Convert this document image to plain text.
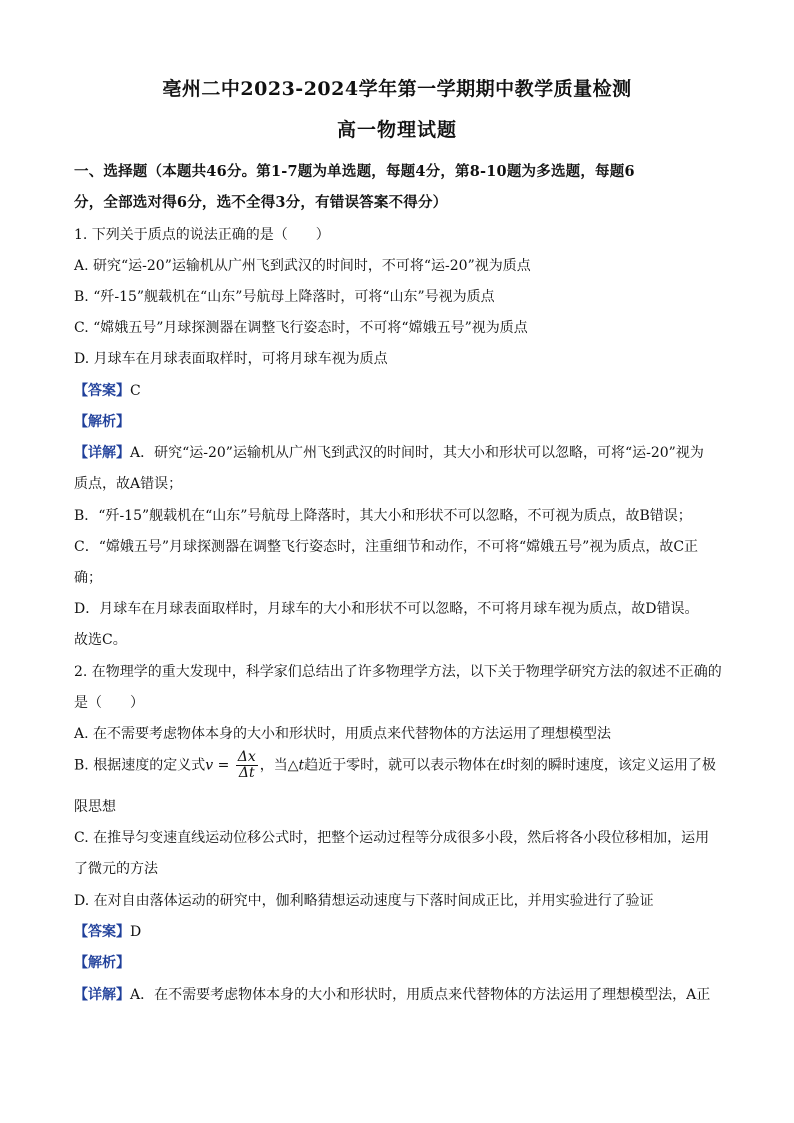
亳州二中2023-2024学年第一学期期中教学质量检测
高一物理试题
一、选择题（本题共46分。第1-7题为单选题，每题4分，第8-10题为多选题，每题6
分，全部选对得6分，选不全得3分，有错误答案不得分）
1. 下列关于质点的说法正确的是（　　）
A. 研究“运-20”运输机从广州飞到武汉的时间时，不可将“运-20”视为质点
B. “歼-15”舰载机在“山东”号航母上降落时，可将“山东”号视为质点
C. “嫦娥五号”月球探测器在调整飞行姿态时，不可将“嫦娥五号”视为质点
D. 月球车在月球表面取样时，可将月球车视为质点
【答案】C
【解析】
【详解】A．研究“运-20”运输机从广州飞到武汉的时间时，其大小和形状可以忽略，可将“运-20”视为
质点，故A错误；
B．“歼-15”舰载机在“山东”号航母上降落时，其大小和形状不可以忽略，不可视为质点，故B错误；
C．“嫦娥五号”月球探测器在调整飞行姿态时，注重细节和动作，不可将“嫦娥五号”视为质点，故C正
确；
D．月球车在月球表面取样时，月球车的大小和形状不可以忽略，不可将月球车视为质点，故D错误。
故选C。
2. 在物理学的重大发现中，科学家们总结出了许多物理学方法，以下关于物理学研究方法的叙述不正确的
是（　　）
A. 在不需要考虑物体本身的大小和形状时，用质点来代替物体的方法运用了理想模型法
B. 根据速度的定义式$v = \frac{\Delta x}{\Delta t}$ ，当△t趋近于零时，就可以表示物体在t时刻的瞬时速度，该定义运用了极
限思想
C. 在推导匀变速直线运动位移公式时，把整个运动过程等分成很多小段，然后将各小段位移相加，运用
了微元的方法
D. 在对自由落体运动的研究中，伽利略猜想运动速度与下落时间成正比，并用实验进行了验证
【答案】D
【解析】
【详解】A．在不需要考虑物体本身的大小和形状时，用质点来代替物体的方法运用了理想模型法，A正
